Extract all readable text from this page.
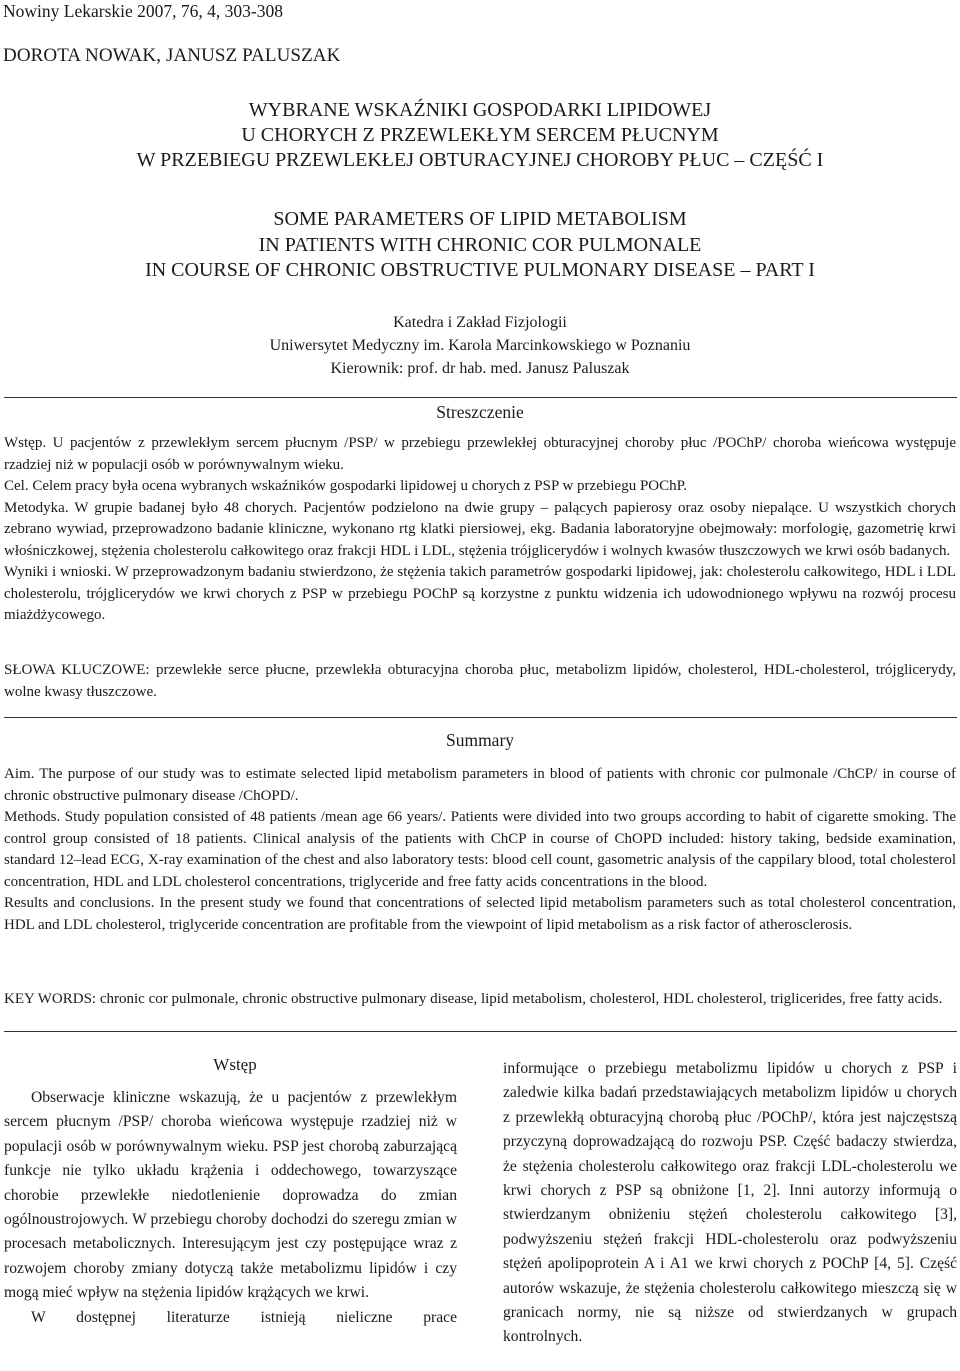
Nowiny Lekarskie 2007, 76, 4, 303-308
DOROTA NOWAK, JANUSZ PALUSZAK
WYBRANE WSKAŹNIKI GOSPODARKI LIPIDOWEJ
U CHORYCH Z PRZEWLEKŁYM SERCEM PŁUCNYM
W PRZEBIEGU PRZEWLEKŁEJ OBTURACYJNEJ CHOROBY PŁUC – CZĘŚĆ I
SOME PARAMETERS OF LIPID METABOLISM
IN PATIENTS WITH CHRONIC COR PULMONALE
IN COURSE OF CHRONIC OBSTRUCTIVE PULMONARY DISEASE – PART I
Katedra i Zakład Fizjologii
Uniwersytet Medyczny im. Karola Marcinkowskiego w Poznaniu
Kierownik: prof. dr hab. med. Janusz Paluszak
Streszczenie

Wstęp. U pacjentów z przewlekłym sercem płucnym /PSP/ w przebiegu przewlekłej obturacyjnej choroby płuc /POChP/ choroba wieńcowa występuje rzadziej niż w populacji osób w porównywalnym wieku.

Cel. Celem pracy była ocena wybranych wskaźników gospodarki lipidowej u chorych z PSP w przebiegu POChP.

Metodyka. W grupie badanej było 48 chorych. Pacjentów podzielono na dwie grupy – palących papierosy oraz osoby niepalące. U wszystkich chorych zebrano wywiad, przeprowadzono badanie kliniczne, wykonano rtg klatki piersiowej, ekg. Badania laboratoryjne obejmowały: morfologię, gazometrię krwi włośniczkowej, stężenia cholesterolu całkowitego oraz frakcji HDL i LDL, stężenia trójglicerydów i wolnych kwasów tłuszczowych we krwi osób badanych.

Wyniki i wnioski. W przeprowadzonym badaniu stwierdzono, że stężenia takich parametrów gospodarki lipidowej, jak: cholesterolu całkowitego, HDL i LDL cholesterolu, trójglicerydów we krwi chorych z PSP w przebiegu POChP są korzystne z punktu widzenia ich udowodnionego wpływu na rozwój procesu miażdżycowego.

SŁOWA KLUCZOWE: przewlekłe serce płucne, przewlekła obturacyjna choroba płuc, metabolizm lipidów, cholesterol, HDL-cholesterol, trójglicerydy, wolne kwasy tłuszczowe.

Summary

Aim. The purpose of our study was to estimate selected lipid metabolism parameters in blood of patients with chronic cor pulmonale /ChCP/ in course of chronic obstructive pulmonary disease /ChOPD/.

Methods. Study population consisted of 48 patients /mean age 66 years/. Patients were divided into two groups according to habit of cigarette smoking. The control group consisted of 18 patients. Clinical analysis of the patients with ChCP in course of ChOPD included: history taking, bedside examination, standard 12–lead ECG, X-ray examination of the chest and also laboratory tests: blood cell count, gasometric analysis of the cappilary blood, total cholesterol concentration, HDL and LDL cholesterol concentrations, triglyceride and free fatty acids concentrations in the blood.

Results and conclusions. In the present study we found that concentrations of selected lipid metabolism parameters such as total cholesterol concentration, HDL and LDL cholesterol, triglyceride concentration are profitable from the viewpoint of lipid metabolism as a risk factor of atherosclerosis.

KEY WORDS: chronic cor pulmonale, chronic obstructive pulmonary disease, lipid metabolism, cholesterol, HDL cholesterol, triglicerides, free fatty acids.

Wstęp

Obserwacje kliniczne wskazują, że u pacjentów z przewlekłym sercem płucnym /PSP/ choroba wieńcowa występuje rzadziej niż w populacji osób w porównywalnym wieku. PSP jest chorobą zaburzającą funkcje nie tylko układu krążenia i oddechowego, towarzyszące chorobie przewlekłe niedotlenienie doprowadza do zmian ogólnoustrojowych. W przebiegu choroby dochodzi do szeregu zmian w procesach metabolicznych. Interesującym jest czy postępujące wraz z rozwojem choroby zmiany dotyczą także metabolizmu lipidów i czy mogą mieć wpływ na stężenia lipidów krążących we krwi.

W dostępnej literaturze istnieją nieliczne prace

informujące o przebiegu metabolizmu lipidów u chorych z PSP i zaledwie kilka badań przedstawiających metabolizm lipidów u chorych z przewlekłą obturacyjną chorobą płuc /POChP/, która jest najczęstszą przyczyną doprowadzającą do rozwoju PSP. Część badaczy stwierdza, że stężenia cholesterolu całkowitego oraz frakcji LDL-cholesterolu we krwi chorych z PSP są obniżone [1, 2]. Inni autorzy informują o stwierdzanym obniżeniu stężeń cholesterolu całkowitego [3], podwyższeniu stężeń frakcji HDL-cholesterolu oraz podwyższeniu stężeń apolipoprotein A i A1 we krwi chorych z POChP [4, 5]. Część autorów wskazuje, że stężenia cholesterolu całkowitego mieszczą się w granicach normy, nie są niższe od stwierdzanych w grupach kontrolnych.
